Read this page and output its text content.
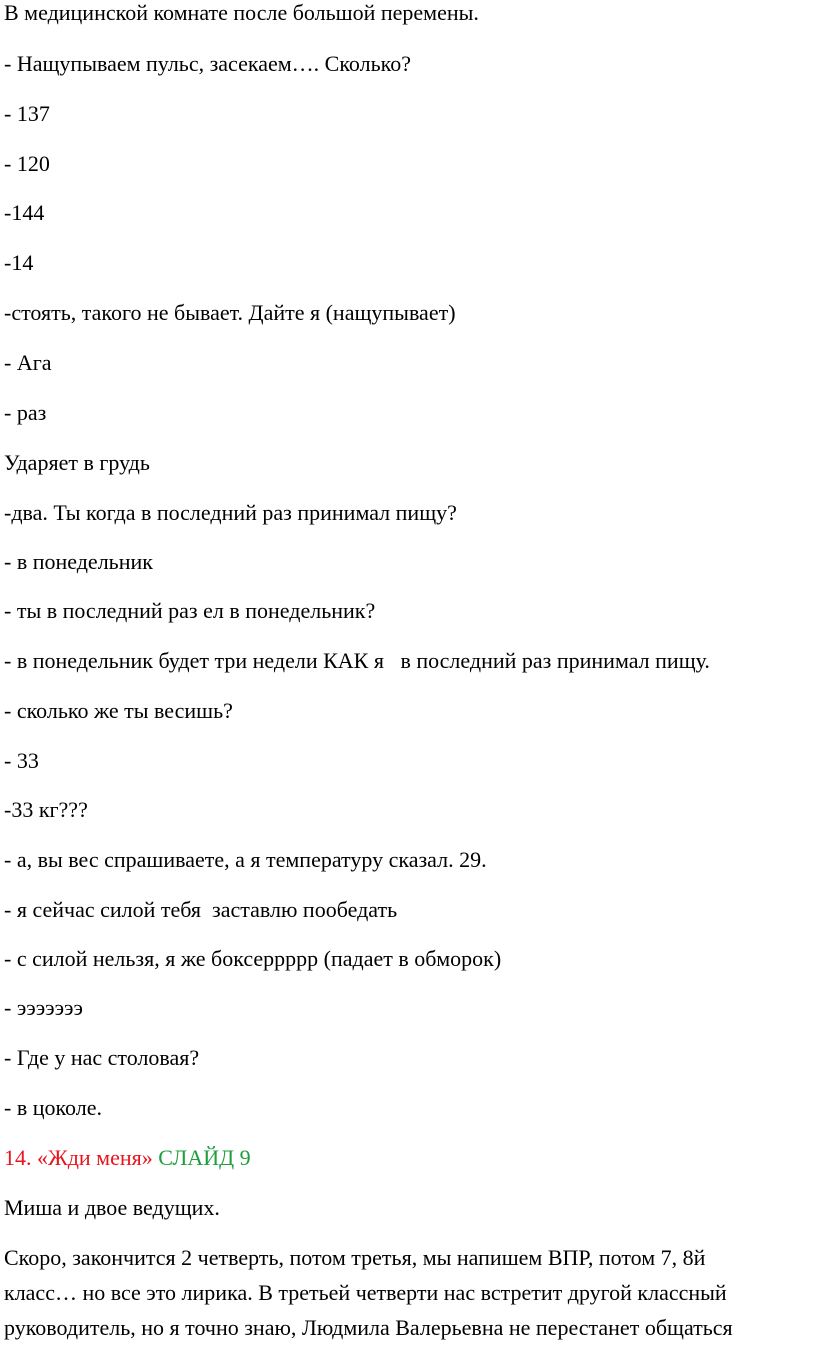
В медицинской комнате после большой перемены.

- Нащупываем пульс, засекаем…. Сколько?

- 137

- 120

-144

-14

-стоять, такого не бывает. Дайте я (нащупывает)

- Ага

- раз

Ударяет в грудь

-два. Ты когда в последний раз принимал пищу?

- в понедельник

- ты в последний раз ел в понедельник?

- в понедельник будет три недели КАК я   в последний раз принимал пищу.

- сколько же ты весишь?

- 33

-33 кг???

- а, вы вес спрашиваете, а я температуру сказал. 29.

- я сейчас силой тебя  заставлю пообедать

- с силой нельзя, я же боксеррррр (падает в обморок)

- эээээээ

- Где у нас столовая?

- в цоколе.

14. «Жди меня» СЛАЙД 9

Миша и двое ведущих.

Скоро, закончится 2 четверть, потом третья, мы напишем ВПР, потом 7, 8й

класс… но все это лирика. В третьей четверти нас встретит другой классный

руководитель, но я точно знаю, Людмила Валерьевна не перестанет общаться
